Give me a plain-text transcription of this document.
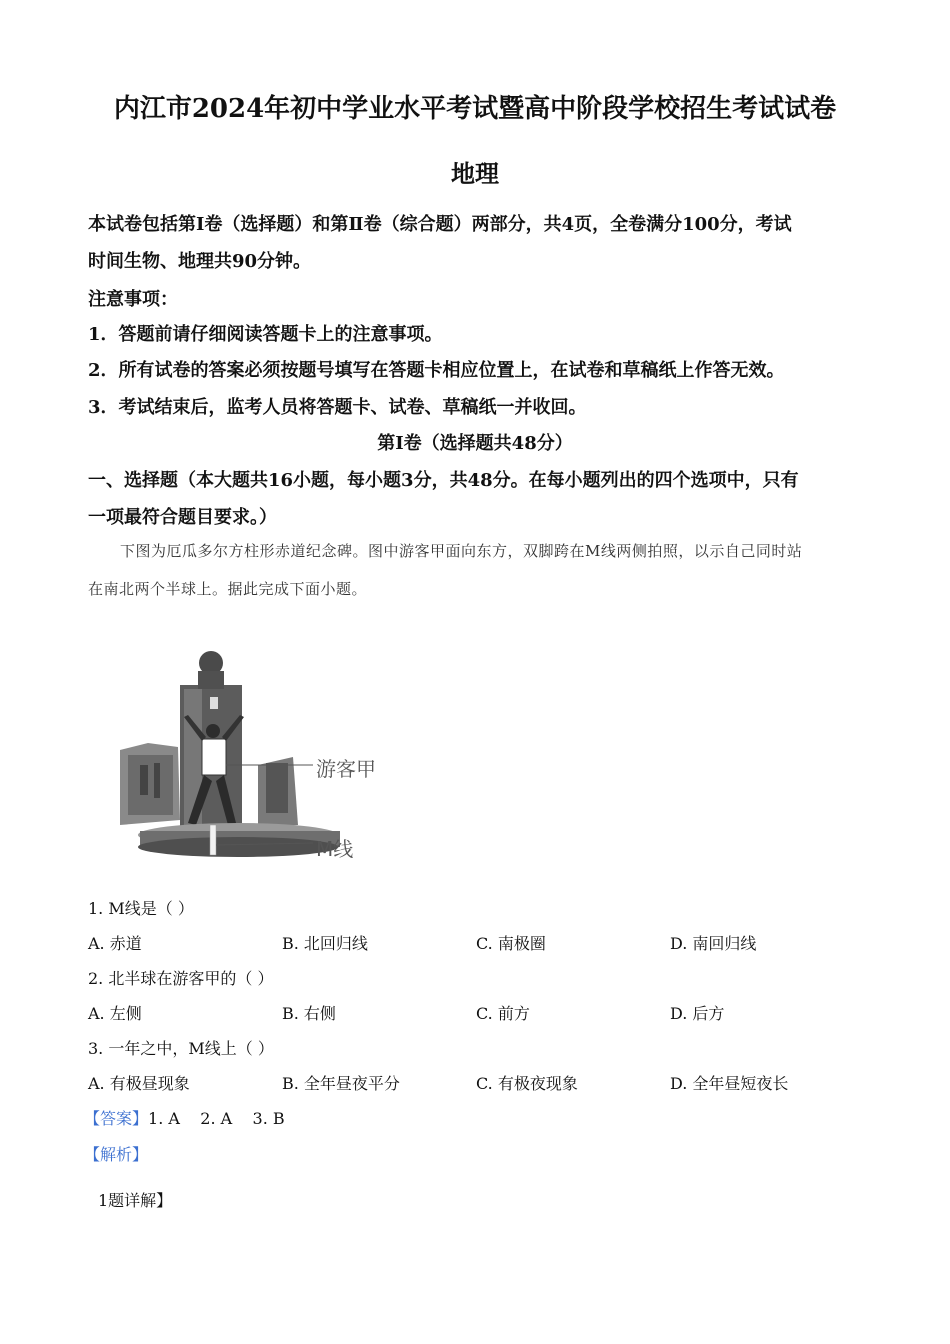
内江市2024年初中学业水平考试暨高中阶段学校招生考试试卷
地理
本试卷包括第Ⅰ卷（选择题）和第Ⅱ卷（综合题）两部分，共4页，全卷满分100分，考试
时间生物、地理共90分钟。
注意事项：
1．答题前请仔细阅读答题卡上的注意事项。
2．所有试卷的答案必须按题号填写在答题卡相应位置上，在试卷和草稿纸上作答无效。
3．考试结束后，监考人员将答题卡、试卷、草稿纸一并收回。
第Ⅰ卷（选择题共48分）
一、选择题（本大题共16小题，每小题3分，共48分。在每小题列出的四个选项中，只有
一项最符合题目要求。）
下图为厄瓜多尔方柱形赤道纪念碑。图中游客甲面向东方，双脚跨在M线两侧拍照，以示自己同时站
在南北两个半球上。据此完成下面小题。
游客甲
M线
1. M线是（ ）
A. 赤道	B. 北回归线	C. 南极圈	D. 南回归线
2. 北半球在游客甲的（ ）
A. 左侧	B. 右侧	C. 前方	D. 后方
3. 一年之中，M线上（ ）
A. 有极昼现象	B. 全年昼夜平分	C. 有极夜现象	D. 全年昼短夜长
【答案】1. A    2. A    3. B
【解析】
1题详解】
